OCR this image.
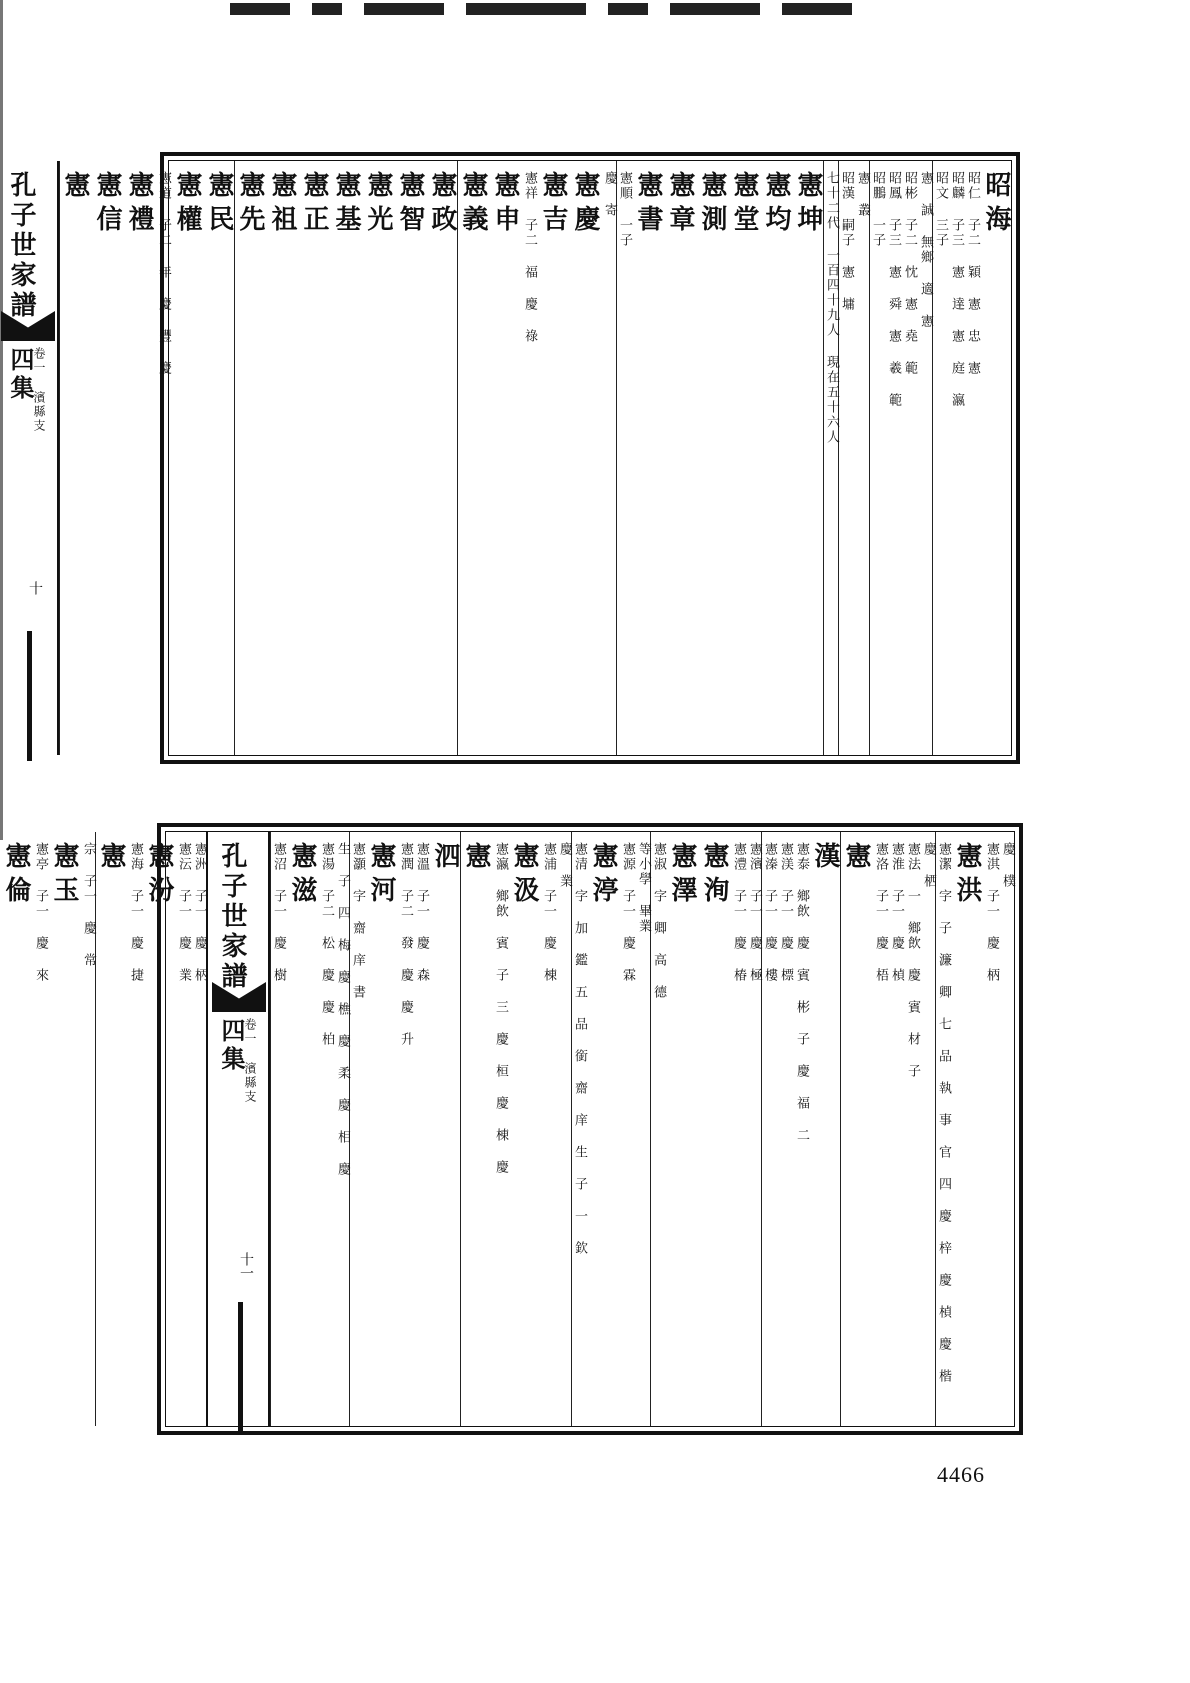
昭海
昭仁 子二 穎 憲 忠 憲
昭麟 子三 憲 達 憲 庭 瀛
昭文 三子
憲 誠 無鄉 適 憲
昭彬 子二 忱 憲 堯 範
昭鳳 子三 憲 舜 憲 羲 範
昭鵬 一子
憲 叢
昭漢 嗣子 憲 墉
七十二代 一百四十九人 現在五十六人
憲坤
憲均
憲堂
憲測
憲章
憲書
憲順 一子
慶 寄
憲慶
憲吉
憲祥 子二 福 慶 祿
憲申
憲義
憲政
憲智
憲光
憲基
憲正
憲祖
憲先
憲民
憲權
憲道 子二 年 慶 豐 慶
憲禮
憲信
憲
孔子世家譜
四集
卷一 濱縣支
十
慶 樸
憲淇 子一 慶 柄
憲洪
憲潔 字 子 濂 卿 七 品 執 事 官 四 慶 梓 慶 楨 慶 楷
慶 栖
憲法 一 鄉飲 慶 賓 材 子
憲淮 子一 慶 楨
憲洛 子一 慶 梧
憲
漢
憲泰 鄉飲 慶 賓 彬 子 慶 福 二
憲渼 子一 慶 標
憲溱 子一 慶 樓
憲濱 子一 慶 極
憲澧 子一 慶 椿
憲洵
憲澤
憲淑 字 卿 高 德
等小學 畢業
憲源 子一 慶 霖
憲渟
憲清 字 加 鑑 五 品 銜 齋 庠 生 子 一 欽
慶 業
憲浦 子一 慶 棟
憲汲
憲瀛 鄉飲 賓 子 三 慶 桓 慶 棟 慶
憲
泗
憲溫 子一 慶 森
憲潤 子二 發 慶 慶 升
憲河
憲灝 字 齋 庠 書
生 子 四 梅 慶 樵 慶 柔 慶 相 慶
憲湯 子二 松 慶 慶 柏
憲滋
憲沼 子一 慶 樹
孔子世家譜
四集
卷一 濱縣支
十一
憲洲 子一 慶 柄
憲沄 子一 慶 業
憲汾
憲海 子一 慶 捷
憲
宗 子一 慶 常
憲玉
憲亭 子一 慶 來
憲倫
4466
